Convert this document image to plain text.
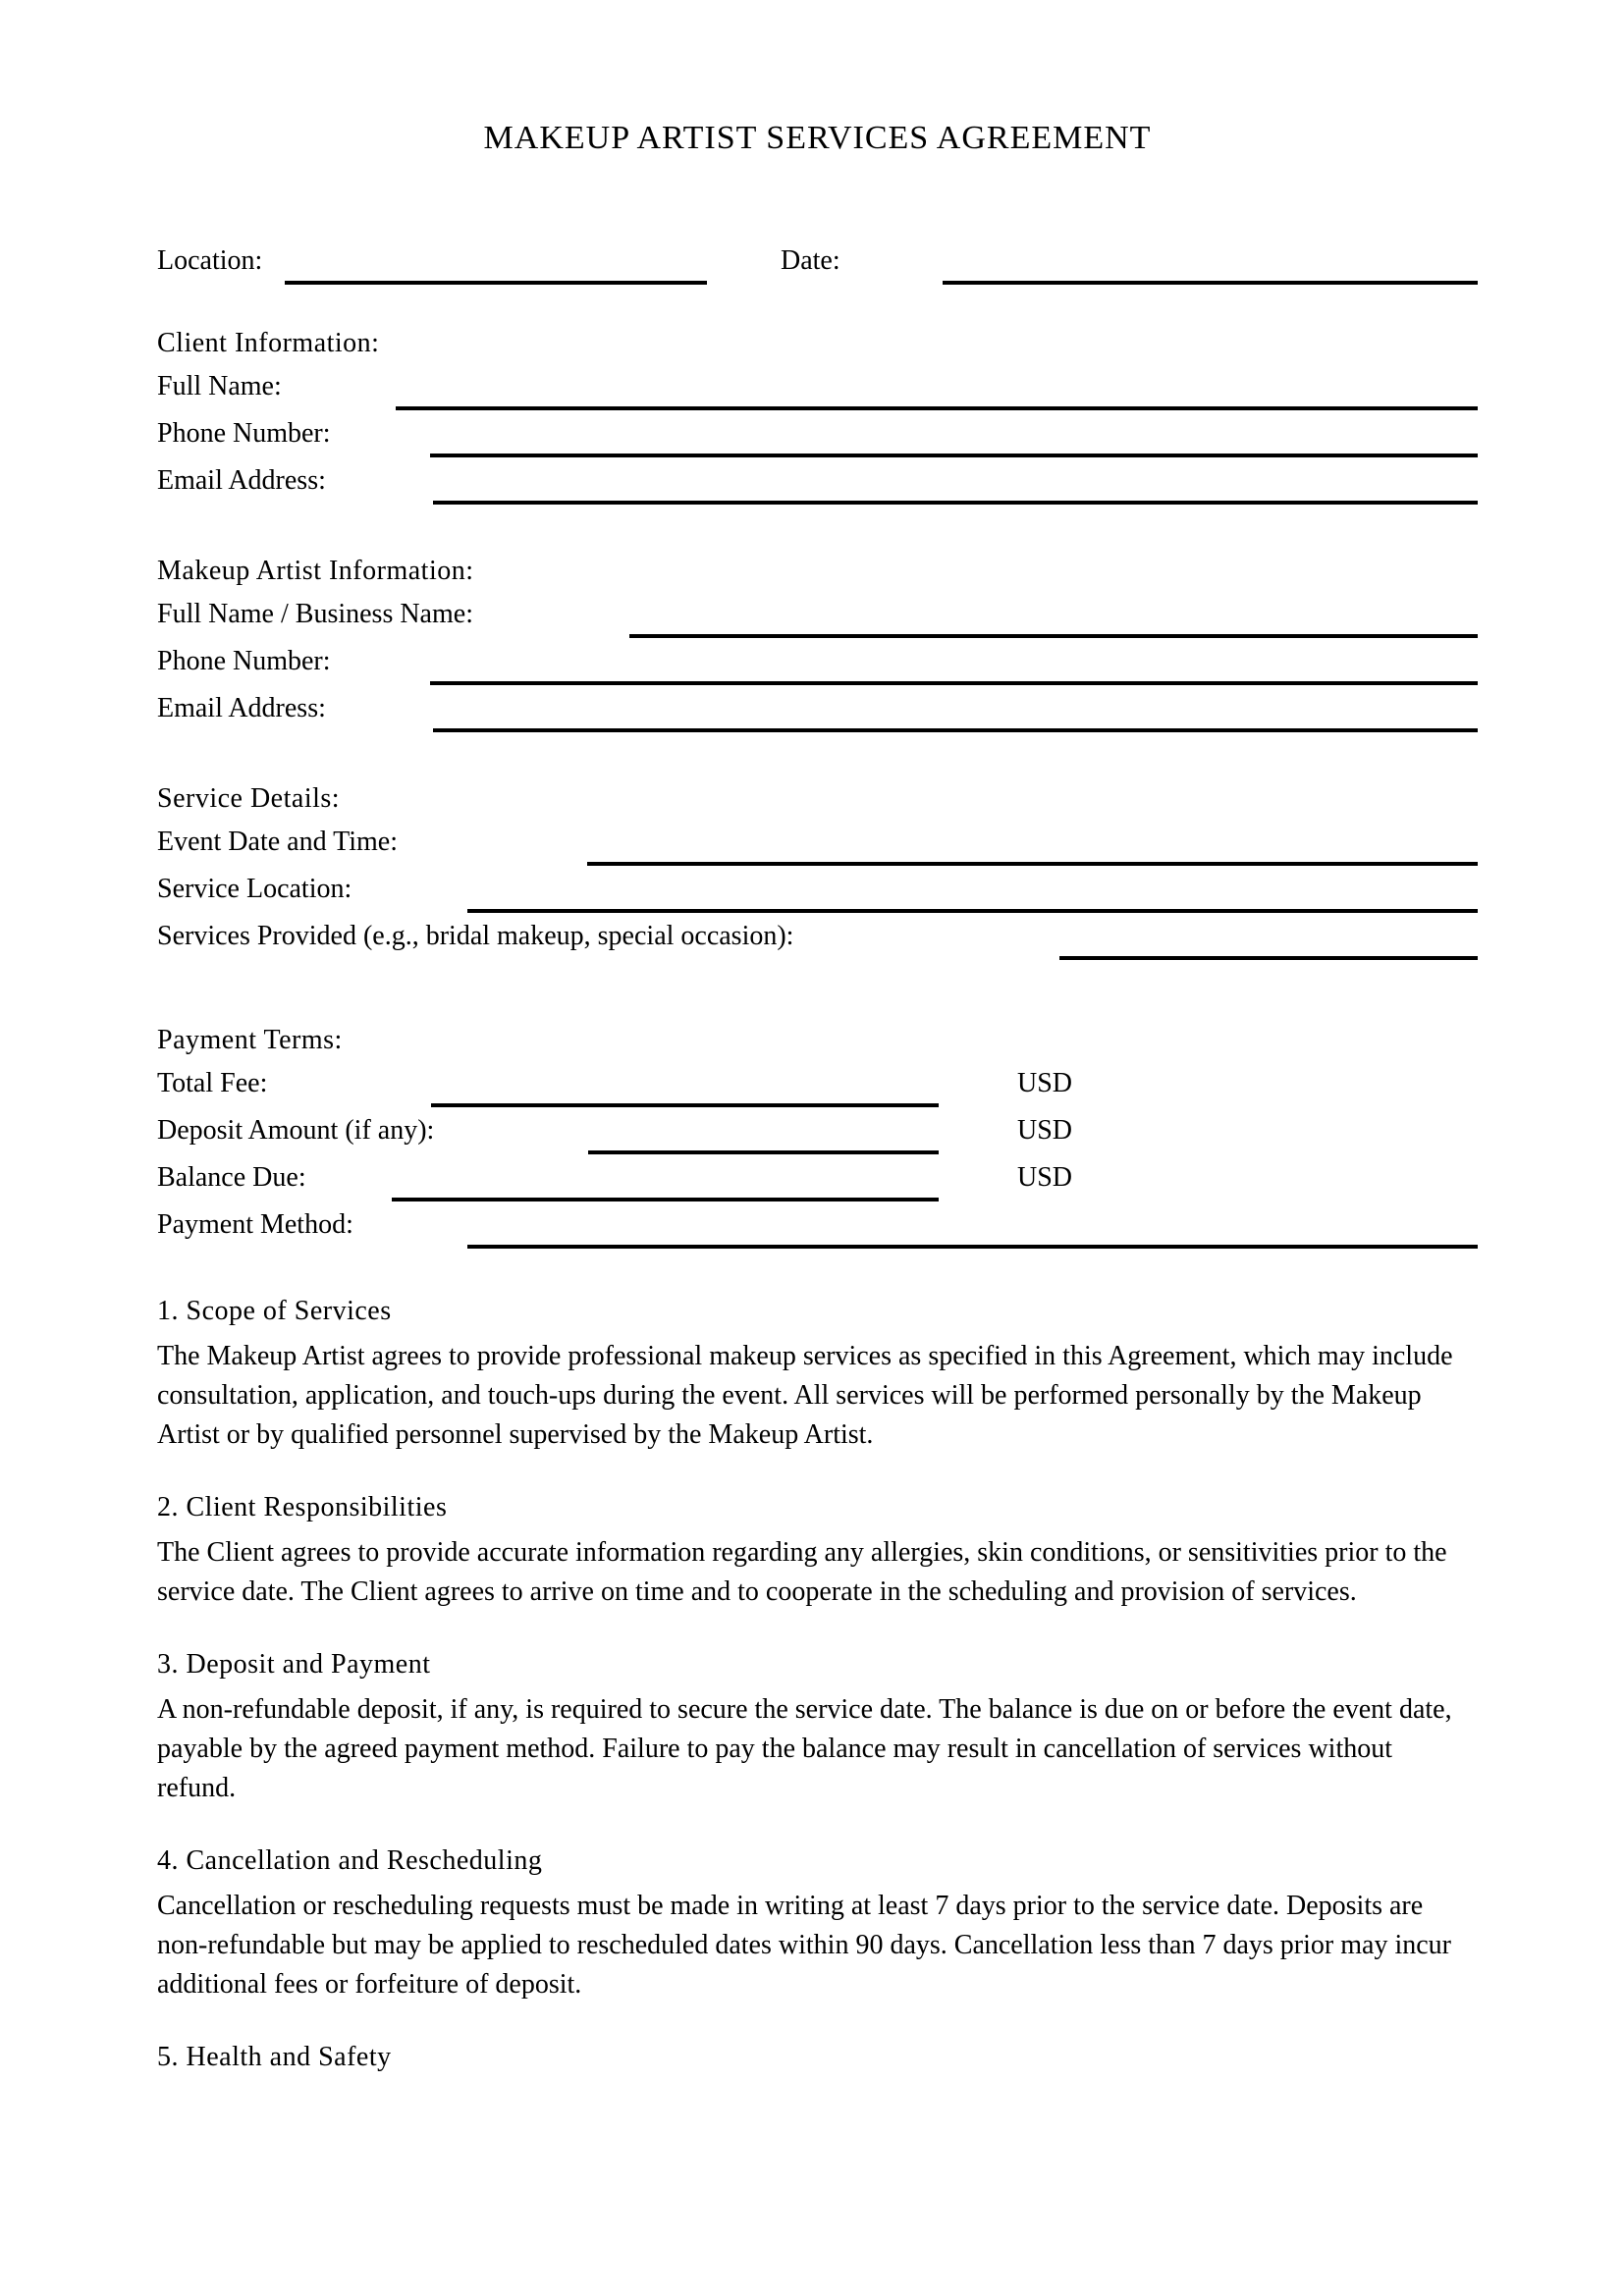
MAKEUP ARTIST SERVICES AGREEMENT
Location:	Date:
Client Information:
Full Name:
Phone Number:
Email Address:
Makeup Artist Information:
Full Name / Business Name:
Phone Number:
Email Address:
Service Details:
Event Date and Time:
Service Location:
Services Provided (e.g., bridal makeup, special occasion):
Payment Terms:
Total Fee:	USD
Deposit Amount (if any):	USD
Balance Due:	USD
Payment Method:
1. Scope of Services

The Makeup Artist agrees to provide professional makeup services as specified in this Agreement, which may include consultation, application, and touch-ups during the event. All services will be performed personally by the Makeup Artist or by qualified personnel supervised by the Makeup Artist.

2. Client Responsibilities

The Client agrees to provide accurate information regarding any allergies, skin conditions, or sensitivities prior to the service date. The Client agrees to arrive on time and to cooperate in the scheduling and provision of services.

3. Deposit and Payment

A non-refundable deposit, if any, is required to secure the service date. The balance is due on or before the event date, payable by the agreed payment method. Failure to pay the balance may result in cancellation of services without refund.

4. Cancellation and Rescheduling

Cancellation or rescheduling requests must be made in writing at least 7 days prior to the service date. Deposits are non-refundable but may be applied to rescheduled dates within 90 days. Cancellation less than 7 days prior may incur additional fees or forfeiture of deposit.

5. Health and Safety
